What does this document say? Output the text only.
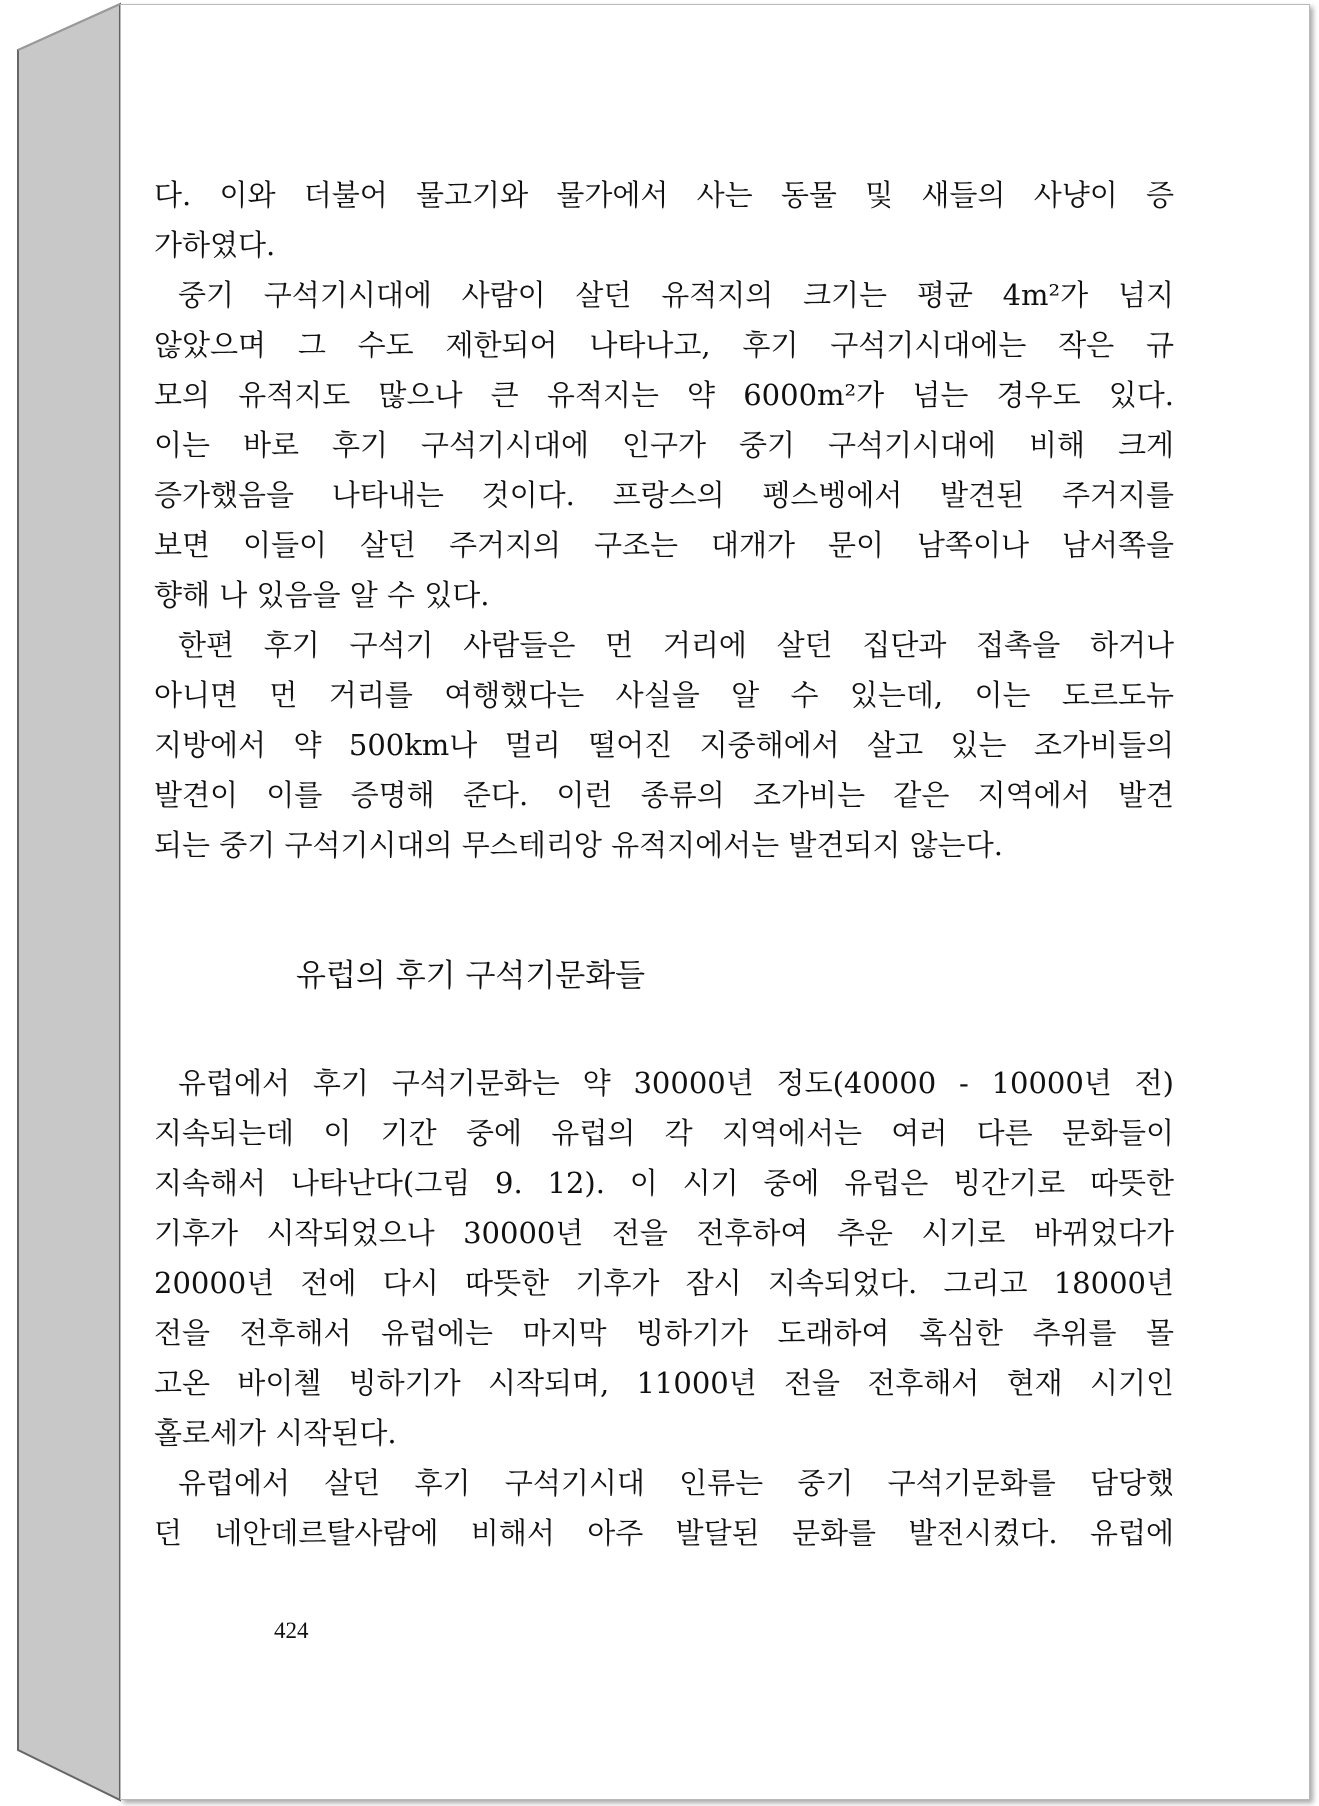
다. 이와 더불어 물고기와 물가에서 사는 동물 및 새들의 사냥이 증
가하였다.
중기 구석기시대에 사람이 살던 유적지의 크기는 평균 4m²가 넘지
않았으며 그 수도 제한되어 나타나고, 후기 구석기시대에는 작은 규
모의 유적지도 많으나 큰 유적지는 약 6000m²가 넘는 경우도 있다.
이는 바로 후기 구석기시대에 인구가 중기 구석기시대에 비해 크게
증가했음을 나타내는 것이다. 프랑스의 펭스벵에서 발견된 주거지를
보면 이들이 살던 주거지의 구조는 대개가 문이 남쪽이나 남서쪽을
향해 나 있음을 알 수 있다.
한편 후기 구석기 사람들은 먼 거리에 살던 집단과 접촉을 하거나
아니면 먼 거리를 여행했다는 사실을 알 수 있는데, 이는 도르도뉴
지방에서 약 500km나 멀리 떨어진 지중해에서 살고 있는 조가비들의
발견이 이를 증명해 준다. 이런 종류의 조가비는 같은 지역에서 발견
되는 중기 구석기시대의 무스테리앙 유적지에서는 발견되지 않는다.
유럽에서 후기 구석기문화는 약 30000년 정도(40000 - 10000년 전)
지속되는데 이 기간 중에 유럽의 각 지역에서는 여러 다른 문화들이
지속해서 나타난다(그림 9. 12). 이 시기 중에 유럽은 빙간기로 따뜻한
기후가 시작되었으나 30000년 전을 전후하여 추운 시기로 바뀌었다가
20000년 전에 다시 따뜻한 기후가 잠시 지속되었다. 그리고 18000년
전을 전후해서 유럽에는 마지막 빙하기가 도래하여 혹심한 추위를 몰
고온 바이첼 빙하기가 시작되며, 11000년 전을 전후해서 현재 시기인
홀로세가 시작된다.
유럽에서 살던 후기 구석기시대 인류는 중기 구석기문화를 담당했
던 네안데르탈사람에 비해서 아주 발달된 문화를 발전시켰다. 유럽에
유럽의 후기 구석기문화들
424
